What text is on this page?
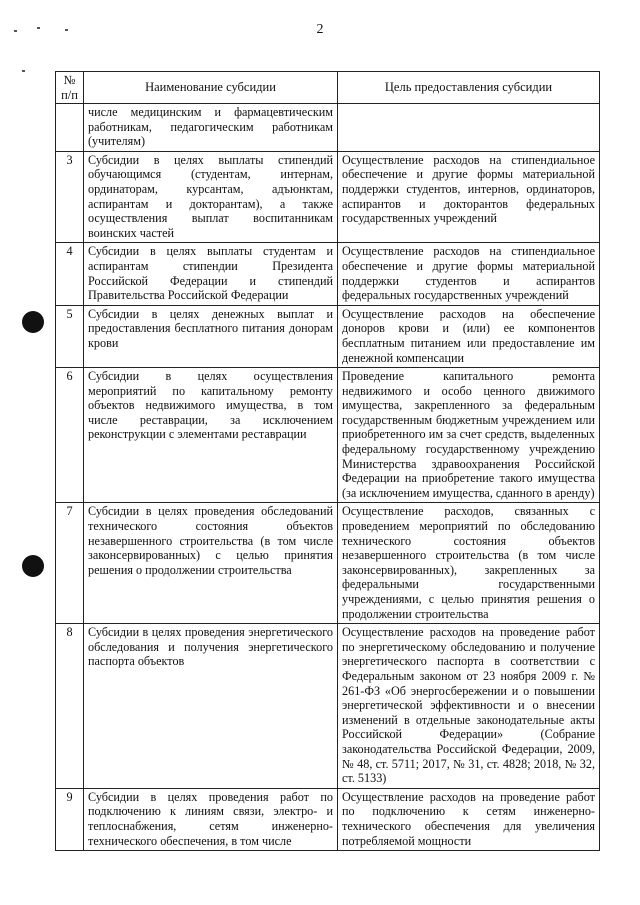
2
№ п/п	Наименование субсидии	Цель предоставления субсидии
	числе медицинским и фармацевтическим работникам, педагогическим работникам (учителям)	
3	Субсидии в целях выплаты стипендий обучающимся (студентам, интернам, ординаторам, курсантам, адъюнктам, аспирантам и докторантам), а также осуществления выплат воспитанникам воинских частей	Осуществление расходов на стипендиальное обеспечение и другие формы материальной поддержки студентов, интернов, ординаторов, аспирантов и докторантов федеральных государственных учреждений
4	Субсидии в целях выплаты студентам и аспирантам стипендии Президента Российской Федерации и стипендий Правительства Российской Федерации	Осуществление расходов на стипендиальное обеспечение и другие формы материальной поддержки студентов и аспирантов федеральных государственных учреждений
5	Субсидии в целях денежных выплат и предоставления бесплатного питания донорам крови	Осуществление расходов на обеспечение доноров крови и (или) ее компонентов бесплатным питанием или предоставление им денежной компенсации
6	Субсидии в целях осуществления мероприятий по капитальному ремонту объектов недвижимого имущества, в том числе реставрации, за исключением реконструкции с элементами реставрации	Проведение капитального ремонта недвижимого и особо ценного движимого имущества, закрепленного за федеральным государственным бюджетным учреждением или приобретенного им за счет средств, выделенных федеральному государственному учреждению Министерства здравоохранения Российской Федерации на приобретение такого имущества (за исключением имущества, сданного в аренду)
7	Субсидии в целях проведения обследований технического состояния объектов незавершенного строительства (в том числе законсервированных) с целью принятия решения о продолжении строительства	Осуществление расходов, связанных с проведением мероприятий по обследованию технического состояния объектов незавершенного строительства (в том числе законсервированных), закрепленных за федеральными государственными учреждениями, с целью принятия решения о продолжении строительства
8	Субсидии в целях проведения энергетического обследования и получения энергетического паспорта объектов	Осуществление расходов на проведение работ по энергетическому обследованию и получение энергетического паспорта в соответствии с Федеральным законом от 23 ноября 2009 г. № 261-ФЗ «Об энергосбережении и о повышении энергетической эффективности и о внесении изменений в отдельные законодательные акты Российской Федерации» (Собрание законодательства Российской Федерации, 2009, № 48, ст. 5711; 2017, № 31, ст. 4828; 2018, № 32, ст. 5133)
9	Субсидии в целях проведения работ по подключению к линиям связи, электро- и теплоснабжения, сетям инженерно-технического обеспечения, в том числе	Осуществление расходов на проведение работ по подключению к сетям инженерно-технического обеспечения для увеличения потребляемой мощности
